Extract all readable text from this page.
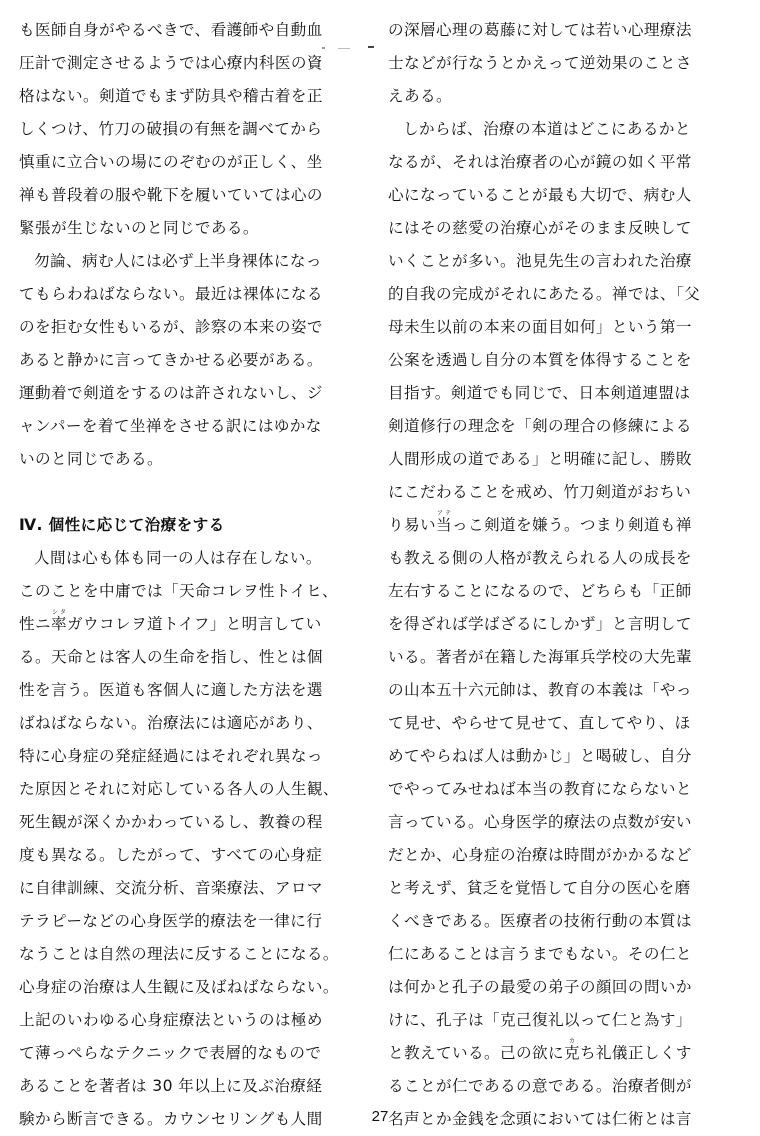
も医師自身がやるべきで、看護師や自動血
圧計で測定させるようでは心療内科医の資
格はない。剣道でもまず防具や稽古着を正
しくつけ、竹刀の破損の有無を調べてから
慎重に立合いの場にのぞむのが正しく、坐
禅も普段着の服や靴下を履いていては心の
緊張が生じないのと同じである。
勿論、病む人には必ず上半身裸体になっ
てもらわねばならない。最近は裸体になる
のを拒む女性もいるが、診察の本来の姿で
あると静かに言ってきかせる必要がある。
運動着で剣道をするのは許されないし、ジ
ャンパーを着て坐禅をさせる訳にはゆかな
いのと同じである。
Ⅳ. 個性に応じて治療をする
人間は心も体も同一の人は存在しない。
このことを中庸では「天命コレヲ性トイヒ、
性ニ率シタガウコレヲ道トイフ」と明言してい
る。天命とは客人の生命を指し、性とは個
性を言う。医道も客個人に適した方法を選
ばねばならない。治療法には適応があり、
特に心身症の発症経過にはそれぞれ異なっ
た原因とそれに対応している各人の人生観、
死生観が深くかかわっているし、教養の程
度も異なる。したがって、すべての心身症
に自律訓練、交流分析、音楽療法、アロマ
テラピーなどの心身医学的療法を一律に行
なうことは自然の理法に反することになる。
心身症の治療は人生観に及ばねばならない。
上記のいわゆる心身症療法というのは極め
て薄っぺらなテクニックで表層的なもので
あることを著者は 30 年以上に及ぶ治療経
験から断言できる。カウンセリングも人間
の深層心理の葛藤に対しては若い心理療法
士などが行なうとかえって逆効果のことさ
えある。
しからば、治療の本道はどこにあるかと
なるが、それは治療者の心が鏡の如く平常
心になっていることが最も大切で、病む人
にはその慈愛の治療心がそのまま反映して
いくことが多い。池見先生の言われた治療
的自我の完成がそれにあたる。禅では、「父
母未生以前の本来の面目如何」という第一
公案を透過し自分の本質を体得することを
目指す。剣道でも同じで、日本剣道連盟は
剣道修行の理念を「剣の理合の修練による
人間形成の道である」と明確に記し、勝敗
にこだわることを戒め、竹刀剣道がおちい
り易い当アテっこ剣道を嫌う。つまり剣道も禅
も教える側の人格が教えられる人の成長を
左右することになるので、どちらも「正師
を得ざれば学ばざるにしかず」と言明して
いる。著者が在籍した海軍兵学校の大先輩
の山本五十六元帥は、教育の本義は「やっ
て見せ、やらせて見せて、直してやり、ほ
めてやらねば人は動かじ」と喝破し、自分
でやってみせねば本当の教育にならないと
言っている。心身医学的療法の点数が安い
だとか、心身症の治療は時間がかかるなど
と考えず、貧乏を覚悟して自分の医心を磨
くべきである。医療者の技術行動の本質は
仁にあることは言うまでもない。その仁と
は何かと孔子の最愛の弟子の顔回の問いか
けに、孔子は「克己復礼以って仁と為す」
と教えている。己の欲に克カち礼儀正しくす
ることが仁であるの意である。治療者側が
名声とか金銭を念頭においては仁術とは言
27
